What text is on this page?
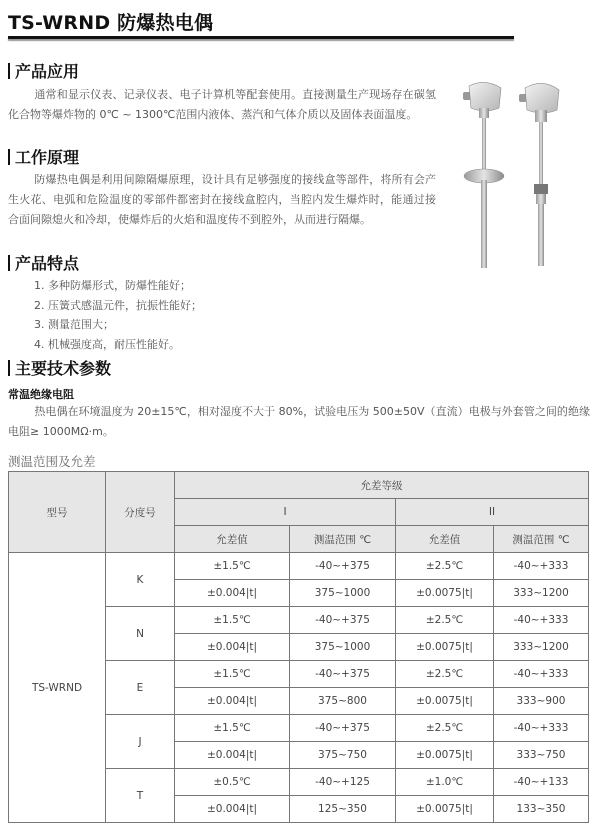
TS-WRND 防爆热电偶
产品应用
通常和显示仪表、记录仪表、电子计算机等配套使用。直接测量生产现场存在碳氢化合物等爆炸物的 0℃ ~ 1300℃范围内液体、蒸汽和气体介质以及固体表面温度。
工作原理
防爆热电偶是利用间隙隔爆原理，设计具有足够强度的接线盒等部件，将所有会产生火花、电弧和危险温度的零部件都密封在接线盒腔内，当腔内发生爆炸时，能通过接合面间隙熄火和冷却，使爆炸后的火焰和温度传不到腔外，从而进行隔爆。
产品特点
1. 多种防爆形式，防爆性能好；
2. 压簧式感温元件，抗振性能好；
3. 测量范围大；
4. 机械强度高，耐压性能好。
主要技术参数
常温绝缘电阻
热电偶在环境温度为 20±15℃，相对湿度不大于 80%，试验电压为 500±50V（直流）电极与外套管之间的绝缘电阻≥ 1000MΩ·m。
测温范围及允差
型号	分度号	允差等级			
		I		II	
		允差值	测温范围 ℃	允差值	测温范围 ℃
TS-WRND	K	±1.5℃	-40~+375	±2.5℃	-40~+333
		±0.004|t|	375~1000	±0.0075|t|	333~1200
	N	±1.5℃	-40~+375	±2.5℃	-40~+333
		±0.004|t|	375~1000	±0.0075|t|	333~1200
	E	±1.5℃	-40~+375	±2.5℃	-40~+333
		±0.004|t|	375~800	±0.0075|t|	333~900
	J	±1.5℃	-40~+375	±2.5℃	-40~+333
		±0.004|t|	375~750	±0.0075|t|	333~750
	T	±0.5℃	-40~+125	±1.0℃	-40~+133
		±0.004|t|	125~350	±0.0075|t|	133~350
